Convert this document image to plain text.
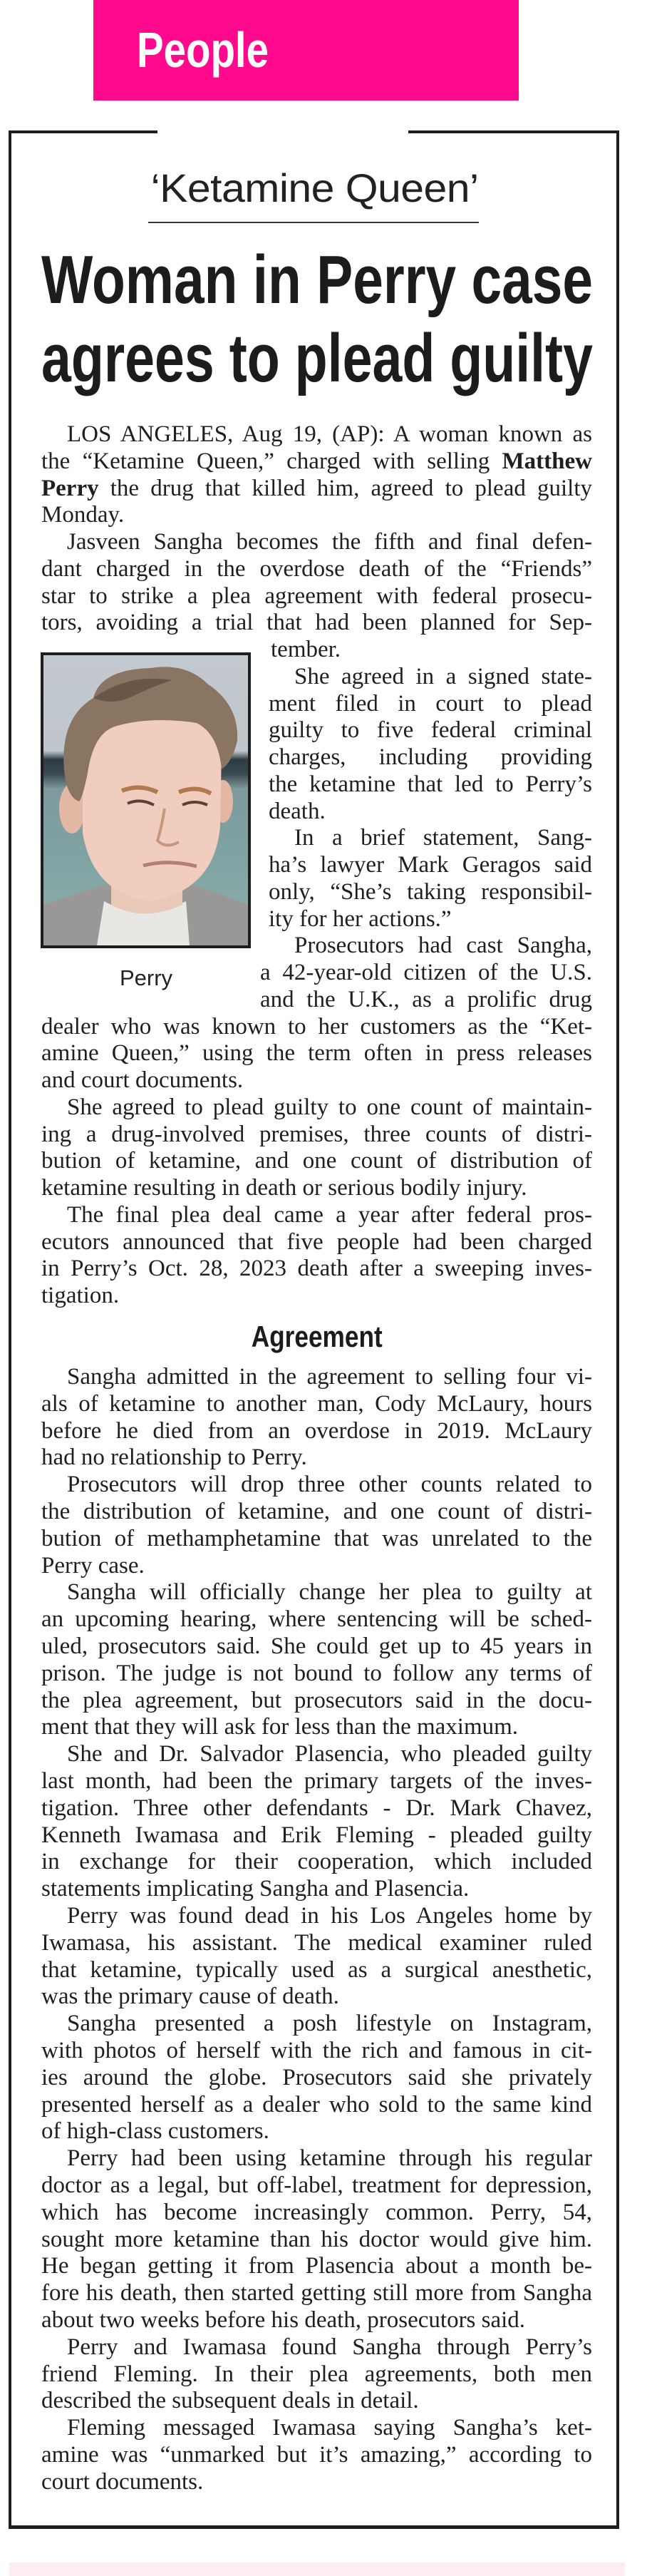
People
‘Ketamine Queen’
Woman in Perry case
agrees to plead guilty
Perry
Agreement
LOS ANGELES, Aug 19, (AP): A woman known as
the “Ketamine Queen,” charged with selling Matthew
Perry the drug that killed him, agreed to plead guilty
Monday.
Jasveen Sangha becomes the fifth and final defen-
dant charged in the overdose death of the “Friends”
star to strike a plea agreement with federal prosecu-
tors, avoiding a trial that had been planned for Sep-
tember.
She agreed in a signed state-
ment filed in court to plead
guilty to five federal criminal
charges, including providing
the ketamine that led to Perry’s
death.
In a brief statement, Sang-
ha’s lawyer Mark Geragos said
only, “She’s taking responsibil-
ity for her actions.”
Prosecutors had cast Sangha,
a 42-year-old citizen of the U.S.
and the U.K., as a prolific drug
dealer who was known to her customers as the “Ket-
amine Queen,” using the term often in press releases
and court documents.
She agreed to plead guilty to one count of maintain-
ing a drug-involved premises, three counts of distri-
bution of ketamine, and one count of distribution of
ketamine resulting in death or serious bodily injury.
The final plea deal came a year after federal pros-
ecutors announced that five people had been charged
in Perry’s Oct. 28, 2023 death after a sweeping inves-
tigation.
Sangha admitted in the agreement to selling four vi-
als of ketamine to another man, Cody McLaury, hours
before he died from an overdose in 2019. McLaury
had no relationship to Perry.
Prosecutors will drop three other counts related to
the distribution of ketamine, and one count of distri-
bution of methamphetamine that was unrelated to the
Perry case.
Sangha will officially change her plea to guilty at
an upcoming hearing, where sentencing will be sched-
uled, prosecutors said. She could get up to 45 years in
prison. The judge is not bound to follow any terms of
the plea agreement, but prosecutors said in the docu-
ment that they will ask for less than the maximum.
She and Dr. Salvador Plasencia, who pleaded guilty
last month, had been the primary targets of the inves-
tigation. Three other defendants - Dr. Mark Chavez,
Kenneth Iwamasa and Erik Fleming - pleaded guilty
in exchange for their cooperation, which included
statements implicating Sangha and Plasencia.
Perry was found dead in his Los Angeles home by
Iwamasa, his assistant. The medical examiner ruled
that ketamine, typically used as a surgical anesthetic,
was the primary cause of death.
Sangha presented a posh lifestyle on Instagram,
with photos of herself with the rich and famous in cit-
ies around the globe. Prosecutors said she privately
presented herself as a dealer who sold to the same kind
of high-class customers.
Perry had been using ketamine through his regular
doctor as a legal, but off-label, treatment for depression,
which has become increasingly common. Perry, 54,
sought more ketamine than his doctor would give him.
He began getting it from Plasencia about a month be-
fore his death, then started getting still more from Sangha
about two weeks before his death, prosecutors said.
Perry and Iwamasa found Sangha through Perry’s
friend Fleming. In their plea agreements, both men
described the subsequent deals in detail.
Fleming messaged Iwamasa saying Sangha’s ket-
amine was “unmarked but it’s amazing,” according to
court documents.
